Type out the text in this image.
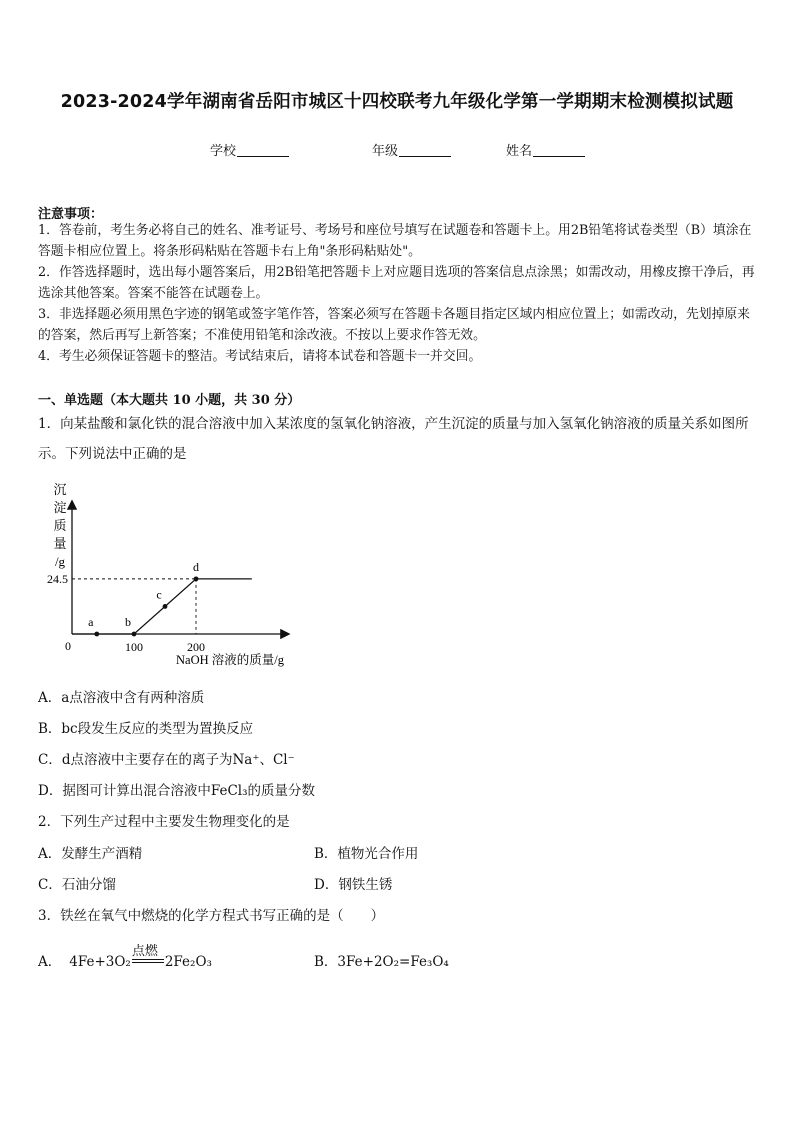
2023-2024学年湖南省岳阳市城区十四校联考九年级化学第一学期期末检测模拟试题
学校	年级	姓名
注意事项：
1．答卷前，考生务必将自己的姓名、准考证号、考场号和座位号填写在试题卷和答题卡上。用2B铅笔将试卷类型（B）填涂在答题卡相应位置上。将条形码粘贴在答题卡右上角"条形码粘贴处"。
2．作答选择题时，选出每小题答案后，用2B铅笔把答题卡上对应题目选项的答案信息点涂黑；如需改动，用橡皮擦干净后，再选涂其他答案。答案不能答在试题卷上。
3．非选择题必须用黑色字迹的钢笔或签字笔作答，答案必须写在答题卡各题目指定区域内相应位置上；如需改动，先划掉原来的答案，然后再写上新答案；不准使用铅笔和涂改液。不按以上要求作答无效。
4．考生必须保证答题卡的整洁。考试结束后，请将本试卷和答题卡一并交回。
一、单选题（本大题共 10 小题，共 30 分）
1．向某盐酸和氯化铁的混合溶液中加入某浓度的氢氧化钠溶液，产生沉淀的质量与加入氢氧化钠溶液的质量关系如图所示。下列说法中正确的是
沉
淀
质
量
/g
a	b
c
d
0	100	200
24.5
NaOH 溶液的质量/g
A．a点溶液中含有两种溶质
B．bc段发生反应的类型为置换反应
C．d点溶液中主要存在的离子为Na⁺、Cl⁻
D．据图可计算出混合溶液中FeCl₃的质量分数
2．下列生产过程中主要发生物理变化的是
A．发酵生产酒精	B．植物光合作用
C．石油分馏	D．钢铁生锈
3．铁丝在氧气中燃烧的化学方程式书写正确的是（　　）
A． 4Fe+3O₂
点燃
2Fe₂O₃	B．3Fe+2O₂=Fe₃O₄
